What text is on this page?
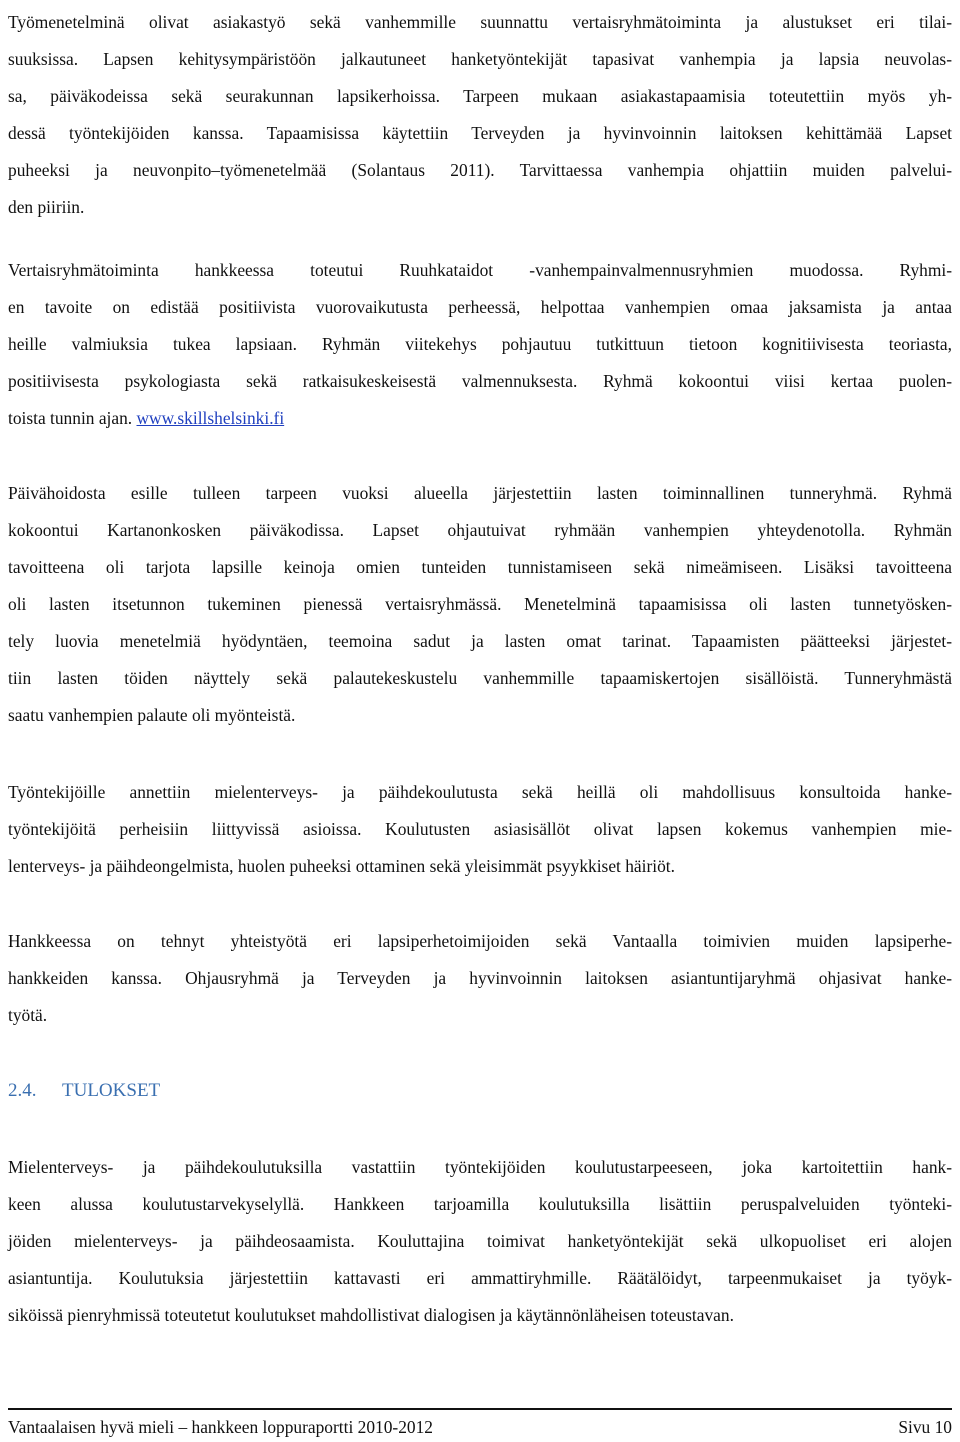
Työmenetelminä olivat asiakastyö sekä vanhemmille suunnattu vertaisryhmätoiminta ja alustukset eri tilai-
suuksissa. Lapsen kehitysympäristöön jalkautuneet hanketyöntekijät tapasivat vanhempia ja lapsia neuvolas-
sa, päiväkodeissa sekä seurakunnan lapsikerhoissa. Tarpeen mukaan asiakastapaamisia toteutettiin myös yh-
dessä työntekijöiden kanssa. Tapaamisissa käytettiin Terveyden ja hyvinvoinnin laitoksen kehittämää Lapset
puheeksi ja neuvonpito–työmenetelmää (Solantaus 2011). Tarvittaessa vanhempia ohjattiin muiden palvelui-
den piiriin.
Vertaisryhmätoiminta hankkeessa toteutui Ruuhkataidot -vanhempainvalmennusryhmien muodossa. Ryhmi-
en tavoite on edistää positiivista vuorovaikutusta perheessä, helpottaa vanhempien omaa jaksamista ja antaa
heille valmiuksia tukea lapsiaan. Ryhmän viitekehys pohjautuu tutkittuun tietoon kognitiivisesta teoriasta,
positiivisesta psykologiasta sekä ratkaisukeskeisestä valmennuksesta. Ryhmä kokoontui viisi kertaa puolen-
toista tunnin ajan. www.skillshelsinki.fi
Päivähoidosta esille tulleen tarpeen vuoksi alueella järjestettiin lasten toiminnallinen tunneryhmä. Ryhmä
kokoontui Kartanonkosken päiväkodissa. Lapset ohjautuivat ryhmään vanhempien yhteydenotolla. Ryhmän
tavoitteena oli tarjota lapsille keinoja omien tunteiden tunnistamiseen sekä nimeämiseen. Lisäksi tavoitteena
oli lasten itsetunnon tukeminen pienessä vertaisryhmässä. Menetelminä tapaamisissa oli lasten tunnetyösken-
tely luovia menetelmiä hyödyntäen, teemoina sadut ja lasten omat tarinat. Tapaamisten päätteeksi järjestet-
tiin lasten töiden näyttely sekä palautekeskustelu vanhemmille tapaamiskertojen sisällöistä. Tunneryhmästä
saatu vanhempien palaute oli myönteistä.
Työntekijöille annettiin mielenterveys- ja päihdekoulutusta sekä heillä oli mahdollisuus konsultoida hanke-
työntekijöitä perheisiin liittyvissä asioissa. Koulutusten asiasisällöt olivat lapsen kokemus vanhempien mie-
lenterveys- ja päihdeongelmista, huolen puheeksi ottaminen sekä yleisimmät psyykkiset häiriöt.
Hankkeessa on tehnyt yhteistyötä eri lapsiperhetoimijoiden sekä Vantaalla toimivien muiden lapsiperhe-
hankkeiden kanssa. Ohjausryhmä ja Terveyden ja hyvinvoinnin laitoksen asiantuntijaryhmä ohjasivat hanke-
työtä.
2.4. TULOKSET
Mielenterveys- ja päihdekoulutuksilla vastattiin työntekijöiden koulutustarpeeseen, joka kartoitettiin hank-
keen alussa koulutustarvekyselyllä. Hankkeen tarjoamilla koulutuksilla lisättiin peruspalveluiden työnteki-
jöiden mielenterveys- ja päihdeosaamista. Kouluttajina toimivat hanketyöntekijät sekä ulkopuoliset eri alojen
asiantuntija. Koulutuksia järjestettiin kattavasti eri ammattiryhmille. Räätälöidyt, tarpeenmukaiset ja työyk-
siköissä pienryhmissä toteutetut koulutukset mahdollistivat dialogisen ja käytännönläheisen toteustavan.
Vantaalaisen hyvä mieli – hankkeen loppuraportti 2010-2012	Sivu 10
